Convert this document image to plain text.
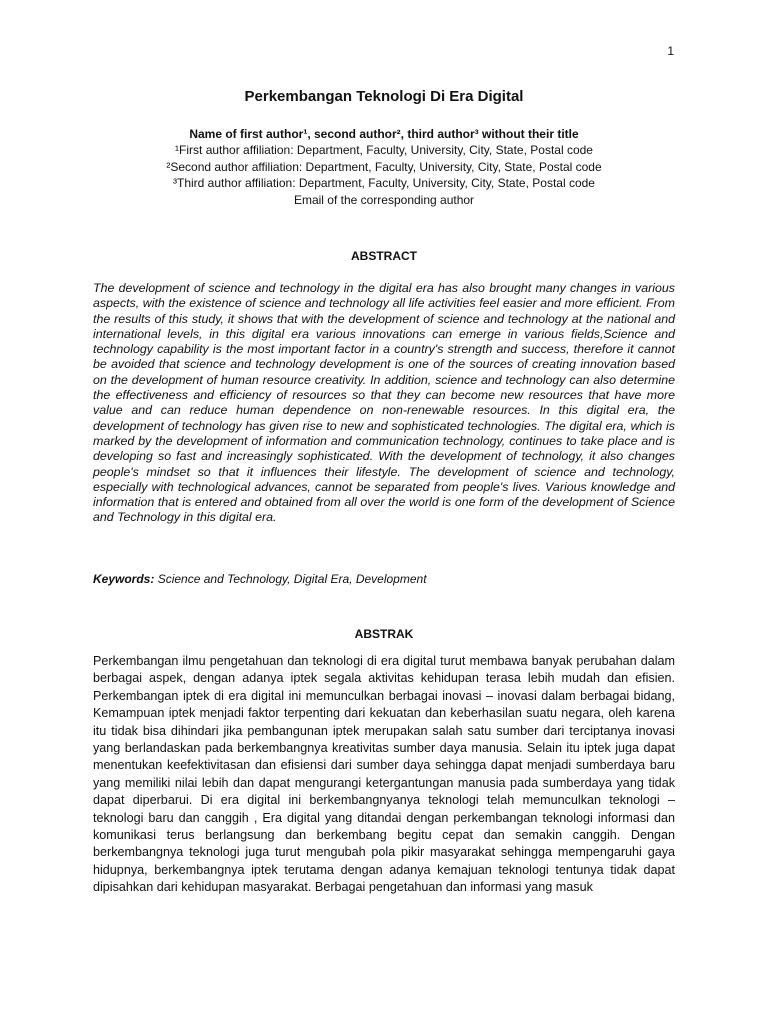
1
Perkembangan Teknologi Di Era Digital
Name of first author¹, second author², third author³ without their title
¹First author affiliation: Department, Faculty, University, City, State, Postal code
²Second author affiliation: Department, Faculty, University, City, State, Postal code
³Third author affiliation: Department, Faculty, University, City, State, Postal code
Email of the corresponding author
ABSTRACT
The development of science and technology in the digital era has also brought many changes in various aspects, with the existence of science and technology all life activities feel easier and more efficient. From the results of this study, it shows that with the development of science and technology at the national and international levels, in this digital era various innovations can emerge in various fields,Science and technology capability is the most important factor in a country's strength and success, therefore it cannot be avoided that science and technology development is one of the sources of creating innovation based on the development of human resource creativity. In addition, science and technology can also determine the effectiveness and efficiency of resources so that they can become new resources that have more value and can reduce human dependence on non-renewable resources. In this digital era, the development of technology has given rise to new and sophisticated technologies. The digital era, which is marked by the development of information and communication technology, continues to take place and is developing so fast and increasingly sophisticated. With the development of technology, it also changes people's mindset so that it influences their lifestyle. The development of science and technology, especially with technological advances, cannot be separated from people's lives. Various knowledge and information that is entered and obtained from all over the world is one form of the development of Science and Technology in this digital era.
Keywords: Science and Technology, Digital Era, Development
ABSTRAK
Perkembangan ilmu pengetahuan dan teknologi di era digital turut membawa banyak perubahan dalam berbagai aspek, dengan adanya iptek segala aktivitas kehidupan terasa lebih mudah dan efisien. Perkembangan iptek di era digital ini memunculkan berbagai inovasi – inovasi dalam berbagai bidang, Kemampuan iptek menjadi faktor terpenting dari kekuatan dan keberhasilan suatu negara, oleh karena itu tidak bisa dihindari jika pembangunan iptek merupakan salah satu sumber dari terciptanya inovasi yang berlandaskan pada berkembangnya kreativitas sumber daya manusia. Selain itu iptek juga dapat menentukan keefektivitasan dan efisiensi dari sumber daya sehingga dapat menjadi sumberdaya baru yang memiliki nilai lebih dan dapat mengurangi ketergantungan manusia pada sumberdaya yang tidak dapat diperbarui. Di era digital ini berkembangnyanya teknologi telah memunculkan teknologi – teknologi baru dan canggih , Era digital yang ditandai dengan perkembangan teknologi informasi dan komunikasi terus berlangsung dan berkembang begitu cepat dan semakin canggih. Dengan berkembangnya teknologi juga turut mengubah pola pikir masyarakat sehingga mempengaruhi gaya hidupnya, berkembangnya iptek terutama dengan adanya kemajuan teknologi tentunya tidak dapat dipisahkan dari kehidupan masyarakat. Berbagai pengetahuan dan informasi yang masuk
